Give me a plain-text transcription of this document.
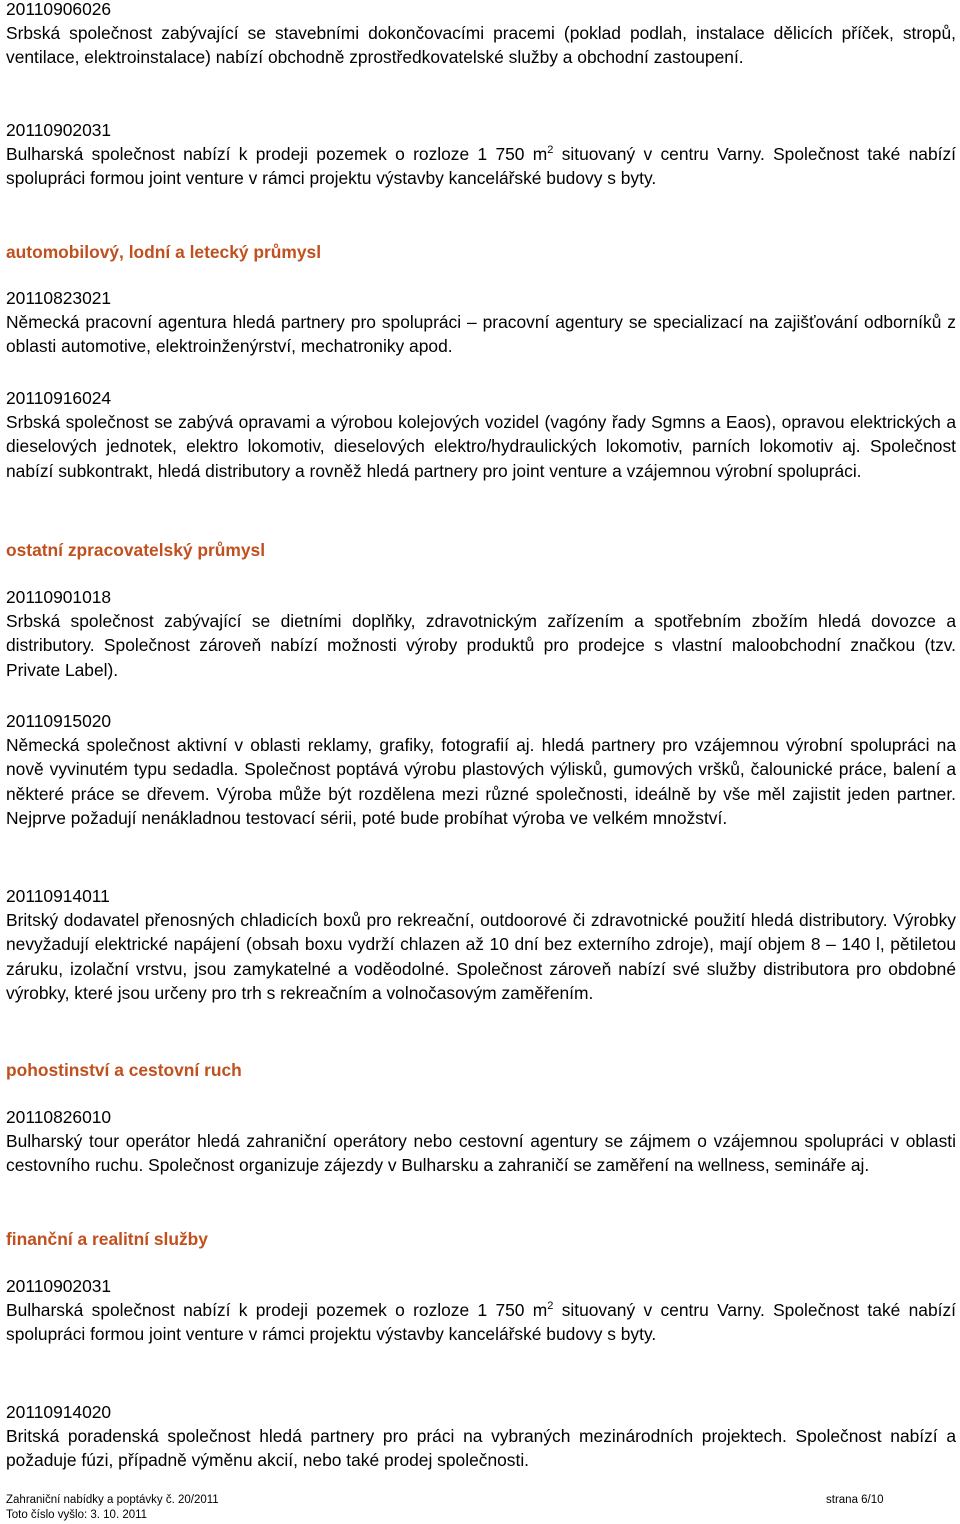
20110906026
Srbská společnost zabývající se stavebními dokončovacími pracemi (poklad podlah, instalace dělicích příček, stropů, ventilace, elektroinstalace) nabízí obchodně zprostředkovatelské služby a obchodní zastoupení.
20110902031
Bulharská společnost nabízí k prodeji pozemek o rozloze 1 750 $m^2$ situovaný v centru Varny. Společnost také nabízí spolupráci formou joint venture v rámci projektu výstavby kancelářské budovy s byty.
automobilový, lodní a letecký průmysl
20110823021
Německá pracovní agentura hledá partnery pro spolupráci – pracovní agentury se specializací na zajišťování odborníků z oblasti automotive, elektroinženýrství, mechatroniky apod.
20110916024
Srbská společnost se zabývá opravami a výrobou kolejových vozidel (vagóny řady Sgmns a Eaos), opravou elektrických a dieselových jednotek, elektro lokomotiv, dieselových elektro/hydraulických lokomotiv, parních lokomotiv aj. Společnost nabízí subkontrakt, hledá distributory a rovněž hledá partnery pro joint venture a vzájemnou výrobní spolupráci.
ostatní zpracovatelský průmysl
20110901018
Srbská společnost zabývající se dietními doplňky, zdravotnickým zařízením a spotřebním zbožím hledá dovozce a distributory. Společnost zároveň nabízí možnosti výroby produktů pro prodejce s vlastní maloobchodní značkou (tzv. Private Label).
20110915020
Německá společnost aktivní v oblasti reklamy, grafiky, fotografií aj. hledá partnery pro vzájemnou výrobní spolupráci na nově vyvinutém typu sedadla. Společnost poptává výrobu plastových výlisků, gumových vršků, čalounické práce, balení a některé práce se dřevem. Výroba může být rozdělena mezi různé společnosti, ideálně by vše měl zajistit jeden partner. Nejprve požadují nenákladnou testovací sérii, poté bude probíhat výroba ve velkém množství.
20110914011
Britský dodavatel přenosných chladicích boxů pro rekreační, outdoorové či zdravotnické použití hledá distributory. Výrobky nevyžadují elektrické napájení (obsah boxu vydrží chlazen až 10 dní bez externího zdroje), mají objem 8 – 140 l, pětiletou záruku, izolační vrstvu, jsou zamykatelné a voděodolné. Společnost zároveň nabízí své služby distributora pro obdobné výrobky, které jsou určeny pro trh s rekreačním a volnočasovým zaměřením.
pohostinství a cestovní ruch
20110826010
Bulharský tour operátor hledá zahraniční operátory nebo cestovní agentury se zájmem o vzájemnou spolupráci v oblasti cestovního ruchu. Společnost organizuje zájezdy v Bulharsku a zahraničí se zaměření na wellness, semináře aj.
finanční a realitní služby
20110902031
Bulharská společnost nabízí k prodeji pozemek o rozloze 1 750 $m^2$ situovaný v centru Varny. Společnost také nabízí spolupráci formou joint venture v rámci projektu výstavby kancelářské budovy s byty.
20110914020
Britská poradenská společnost hledá partnery pro práci na vybraných mezinárodních projektech. Společnost nabízí a požaduje fúzi, případně výměnu akcií, nebo také prodej společnosti.
Zahraniční nabídky a poptávky č. 20/2011	strana 6/10
Toto číslo vyšlo: 3. 10. 2011
